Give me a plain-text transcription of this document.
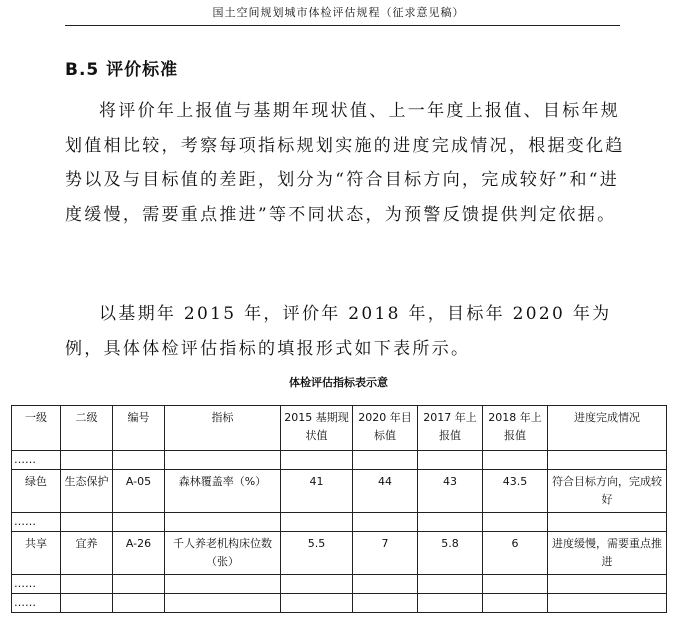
国土空间规划城市体检评估规程（征求意见稿）
B.5 评价标准

将评价年上报值与基期年现状值、上一年度上报值、目标年规划值相比较，考察每项指标规划实施的进度完成情况，根据变化趋势以及与目标值的差距，划分为“符合目标方向，完成较好”和“进度缓慢，需要重点推进”等不同状态，为预警反馈提供判定依据。

以基期年 2015 年，评价年 2018 年，目标年 2020 年为例，具体体检评估指标的填报形式如下表所示。

体检评估指标表示意
一级	二级	编号	指标	2015 基期现状值	2020 年目标值	2017 年上报值	2018 年上报值	进度完成情况
……								
绿色	生态保护	A-05	森林覆盖率（%）	41	44	43	43.5	符合目标方向，完成较好
……								
共享	宜养	A-26	千人养老机构床位数（张）	5.5	7	5.8	6	进度缓慢，需要重点推进
……								
……								
